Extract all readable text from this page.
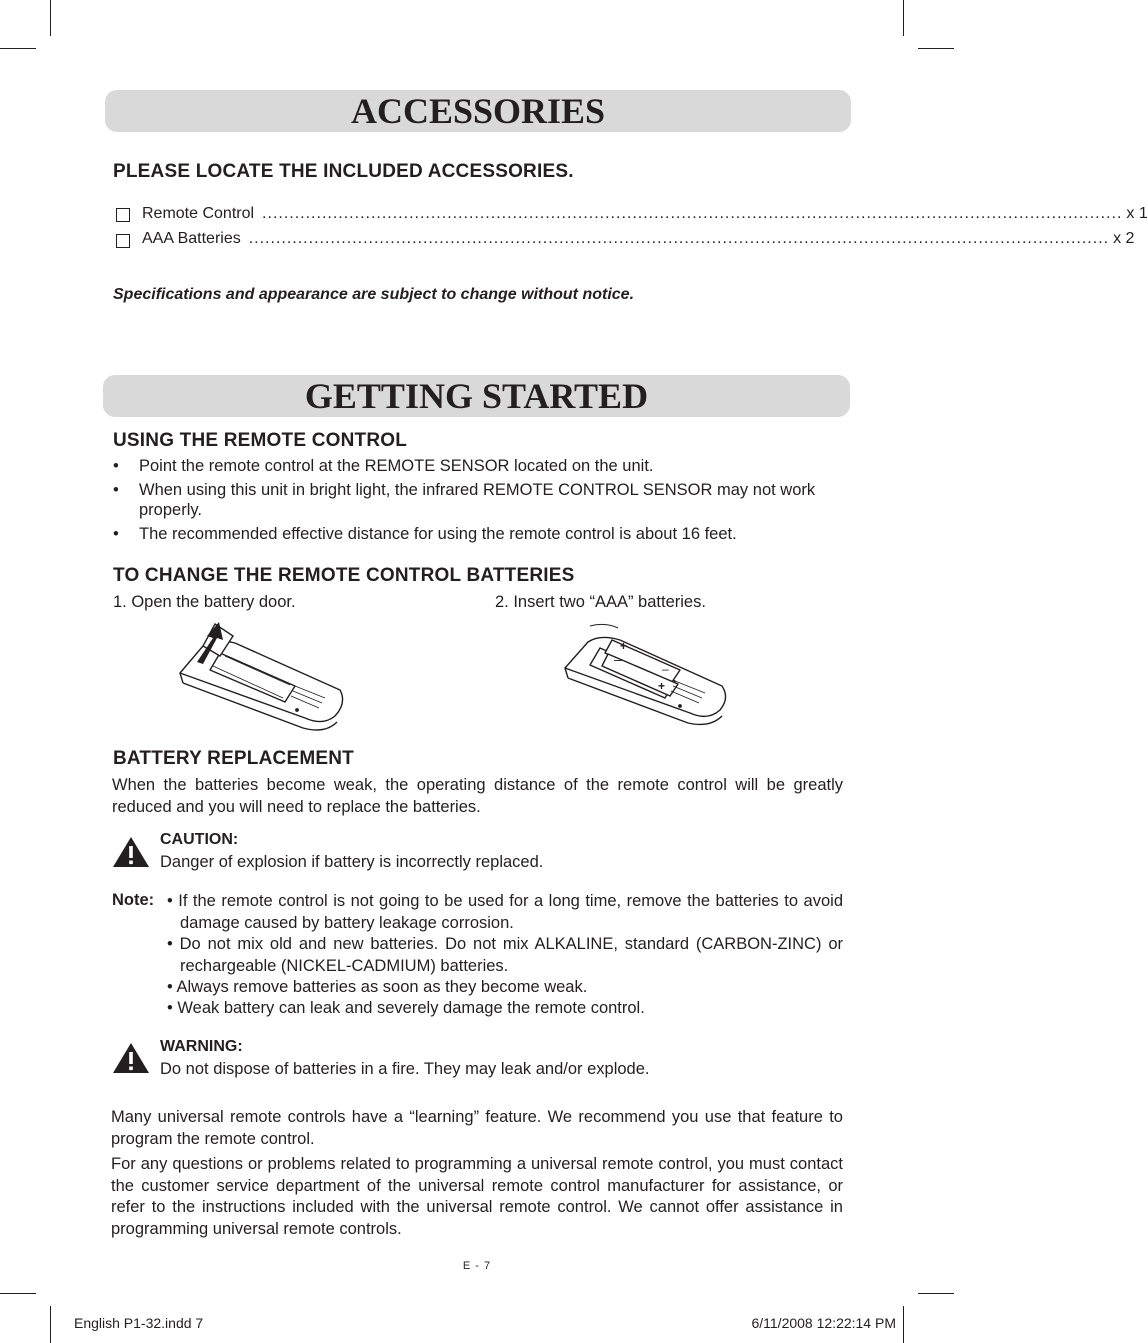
ACCESSORIES
PLEASE LOCATE THE INCLUDED ACCESSORIES.
Remote Control .............................................................................................................................................................. x 1
AAA Batteries .............................................................................................................................................................. x 2
Specifications and appearance are subject to change without notice.
GETTING STARTED
USING THE REMOTE CONTROL
• Point the remote control at the REMOTE SENSOR located on the unit.
• When using this unit in bright light, the infrared REMOTE CONTROL SENSOR may not work properly.
• The recommended effective distance for using the remote control is about 16 feet.
TO CHANGE THE REMOTE CONTROL BATTERIES
1. Open the battery door.	2. Insert two “AAA” batteries.
+
–
–
+
BATTERY REPLACEMENT
When the batteries become weak, the operating distance of the remote control will be greatly reduced and you will need to replace the batteries.
CAUTION:
Danger of explosion if battery is incorrectly replaced.
Note: • If the remote control is not going to be used for a long time, remove the batteries to avoid damage caused by battery leakage corrosion.
• Do not mix old and new batteries. Do not mix ALKALINE, standard (CARBON-ZINC) or rechargeable (NICKEL-CADMIUM) batteries.
• Always remove batteries as soon as they become weak.
• Weak battery can leak and severely damage the remote control.
WARNING:
Do not dispose of batteries in a fire. They may leak and/or explode.
Many universal remote controls have a “learning” feature. We recommend you use that feature to program the remote control.
For any questions or problems related to programming a universal remote control, you must contact the customer service department of the universal remote control manufacturer for assistance, or refer to the instructions included with the universal remote control. We cannot offer assistance in programming universal remote controls.
E - 7
English P1-32.indd 7	6/11/2008 12:22:14 PM
